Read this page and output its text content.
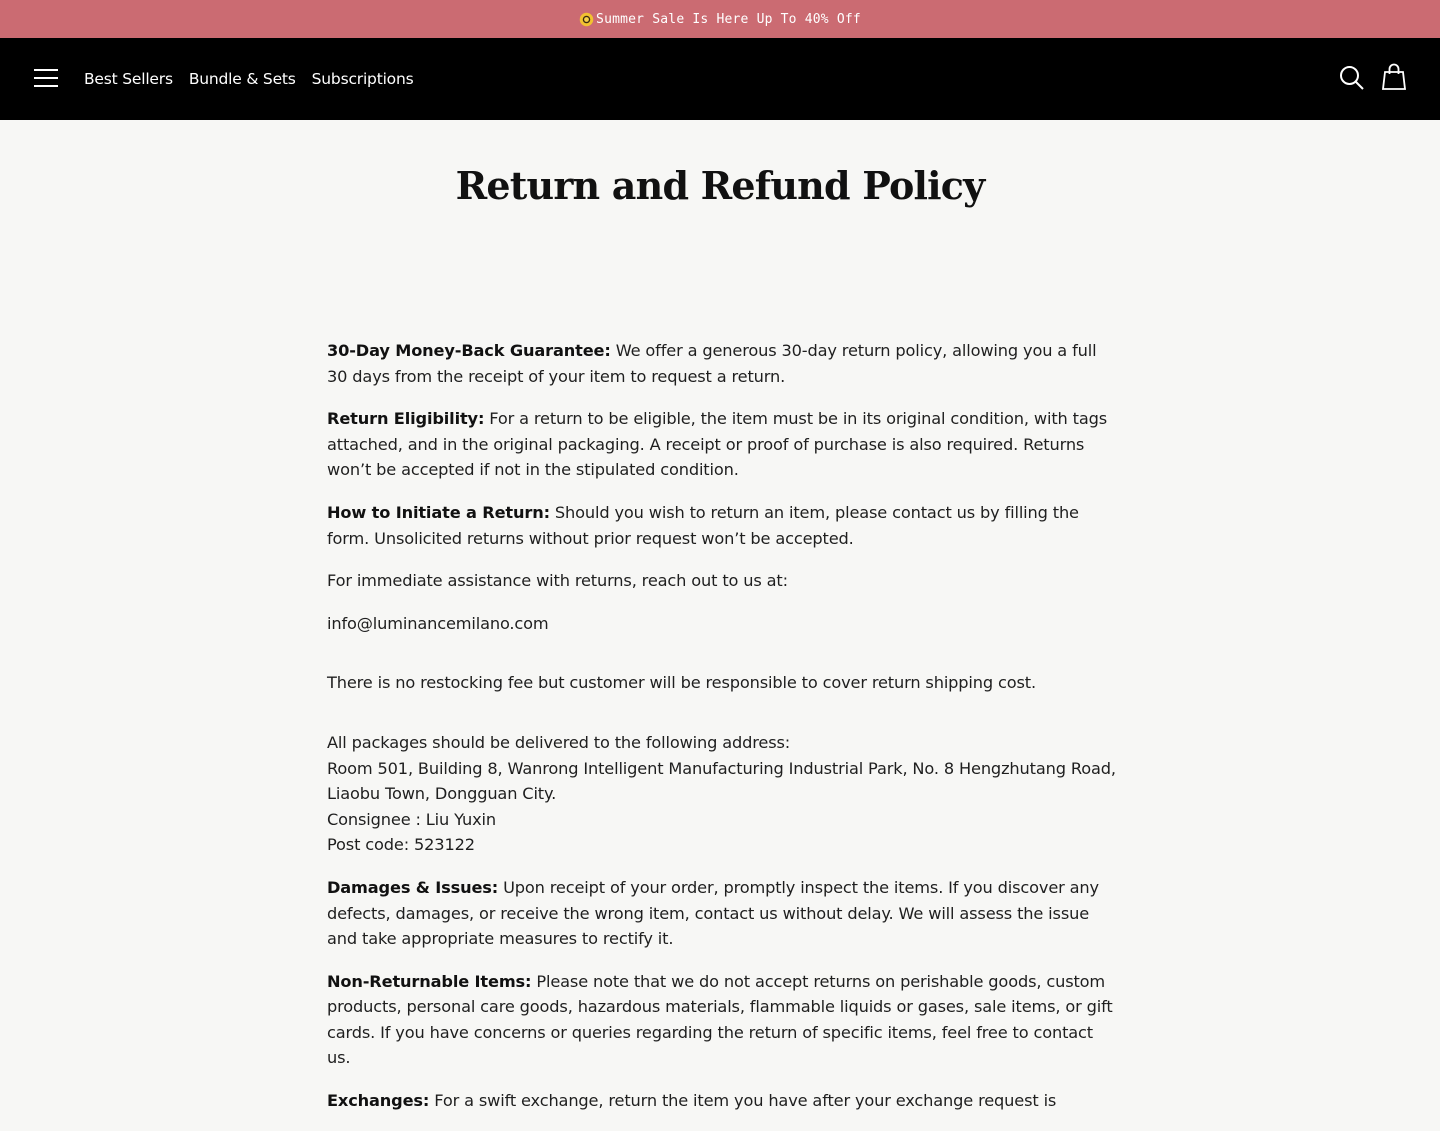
Summer Sale Is Here Up To 40% Off
Best Sellers Bundle & Sets Subscriptions
Return and Refund Policy

30-Day Money-Back Guarantee: We offer a generous 30-day return policy, allowing you a full 30 days from the receipt of your item to request a return.

Return Eligibility: For a return to be eligible, the item must be in its original condition, with tags attached, and in the original packaging. A receipt or proof of purchase is also required. Returns won’t be accepted if not in the stipulated condition.

How to Initiate a Return: Should you wish to return an item, please contact us by filling the form. Unsolicited returns without prior request won’t be accepted.

For immediate assistance with returns, reach out to us at:

info@luminancemilano.com

There is no restocking fee but customer will be responsible to cover return shipping cost.

All packages should be delivered to the following address:
Room 501, Building 8, Wanrong Intelligent Manufacturing Industrial Park, No. 8 Hengzhutang Road, Liaobu Town, Dongguan City.
Consignee : Liu Yuxin
Post code: 523122

Damages & Issues: Upon receipt of your order, promptly inspect the items. If you discover any defects, damages, or receive the wrong item, contact us without delay. We will assess the issue and take appropriate measures to rectify it.

Non-Returnable Items: Please note that we do not accept returns on perishable goods, custom products, personal care goods, hazardous materials, flammable liquids or gases, sale items, or gift cards. If you have concerns or queries regarding the return of specific items, feel free to contact us.

Exchanges: For a swift exchange, return the item you have after your exchange request is
